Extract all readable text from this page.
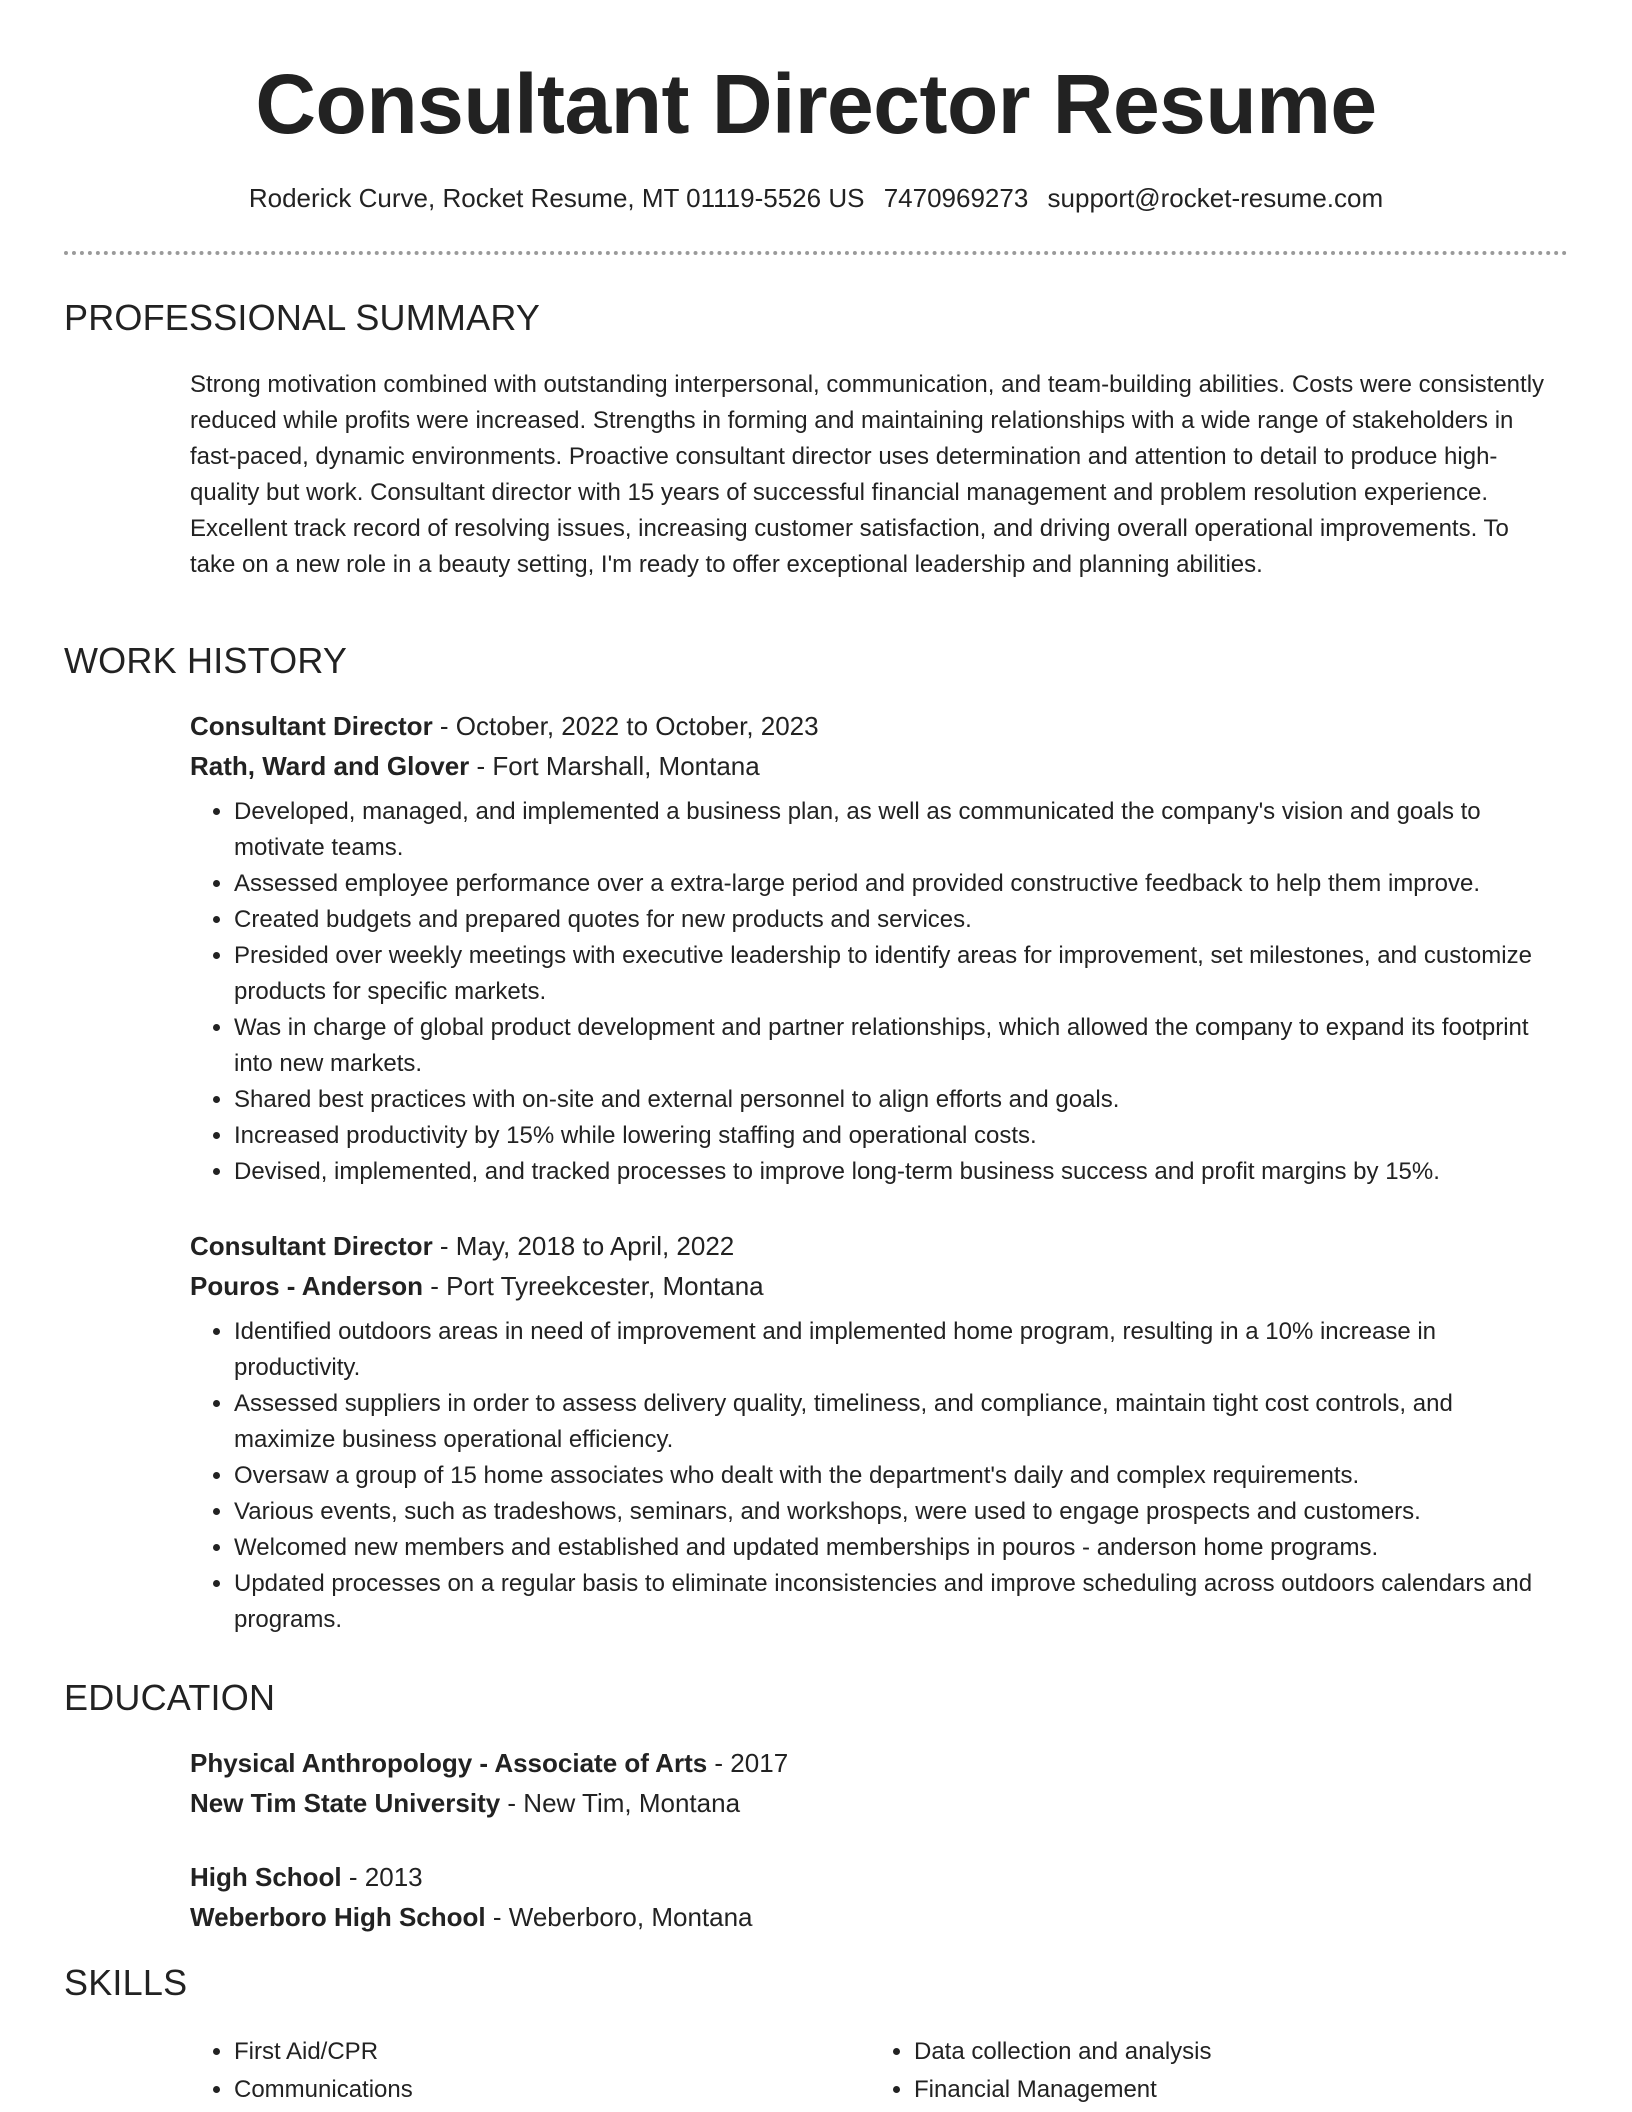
Consultant Director Resume
Roderick Curve, Rocket Resume, MT 01119-5526 US 7470969273 support@rocket-resume.com
PROFESSIONAL SUMMARY

Strong motivation combined with outstanding interpersonal, communication, and team-building abilities. Costs were consistently reduced while profits were increased. Strengths in forming and maintaining relationships with a wide range of stakeholders in fast-paced, dynamic environments. Proactive consultant director uses determination and attention to detail to produce high-quality but work. Consultant director with 15 years of successful financial management and problem resolution experience. Excellent track record of resolving issues, increasing customer satisfaction, and driving overall operational improvements. To take on a new role in a beauty setting, I'm ready to offer exceptional leadership and planning abilities.

WORK HISTORY
Consultant Director - October, 2022 to October, 2023
Rath, Ward and Glover - Fort Marshall, Montana
• Developed, managed, and implemented a business plan, as well as communicated the company's vision and goals to motivate teams.
• Assessed employee performance over a extra-large period and provided constructive feedback to help them improve.
• Created budgets and prepared quotes for new products and services.
• Presided over weekly meetings with executive leadership to identify areas for improvement, set milestones, and customize products for specific markets.
• Was in charge of global product development and partner relationships, which allowed the company to expand its footprint into new markets.
• Shared best practices with on-site and external personnel to align efforts and goals.
• Increased productivity by 15% while lowering staffing and operational costs.
• Devised, implemented, and tracked processes to improve long-term business success and profit margins by 15%.
Consultant Director - May, 2018 to April, 2022
Pouros - Anderson - Port Tyreekcester, Montana
• Identified outdoors areas in need of improvement and implemented home program, resulting in a 10% increase in productivity.
• Assessed suppliers in order to assess delivery quality, timeliness, and compliance, maintain tight cost controls, and maximize business operational efficiency.
• Oversaw a group of 15 home associates who dealt with the department's daily and complex requirements.
• Various events, such as tradeshows, seminars, and workshops, were used to engage prospects and customers.
• Welcomed new members and established and updated memberships in pouros - anderson home programs.
• Updated processes on a regular basis to eliminate inconsistencies and improve scheduling across outdoors calendars and programs.
EDUCATION
Physical Anthropology - Associate of Arts - 2017
New Tim State University - New Tim, Montana
High School - 2013
Weberboro High School - Weberboro, Montana
SKILLS
• First Aid/CPR
• Communications
• Data collection and analysis
• Financial Management
